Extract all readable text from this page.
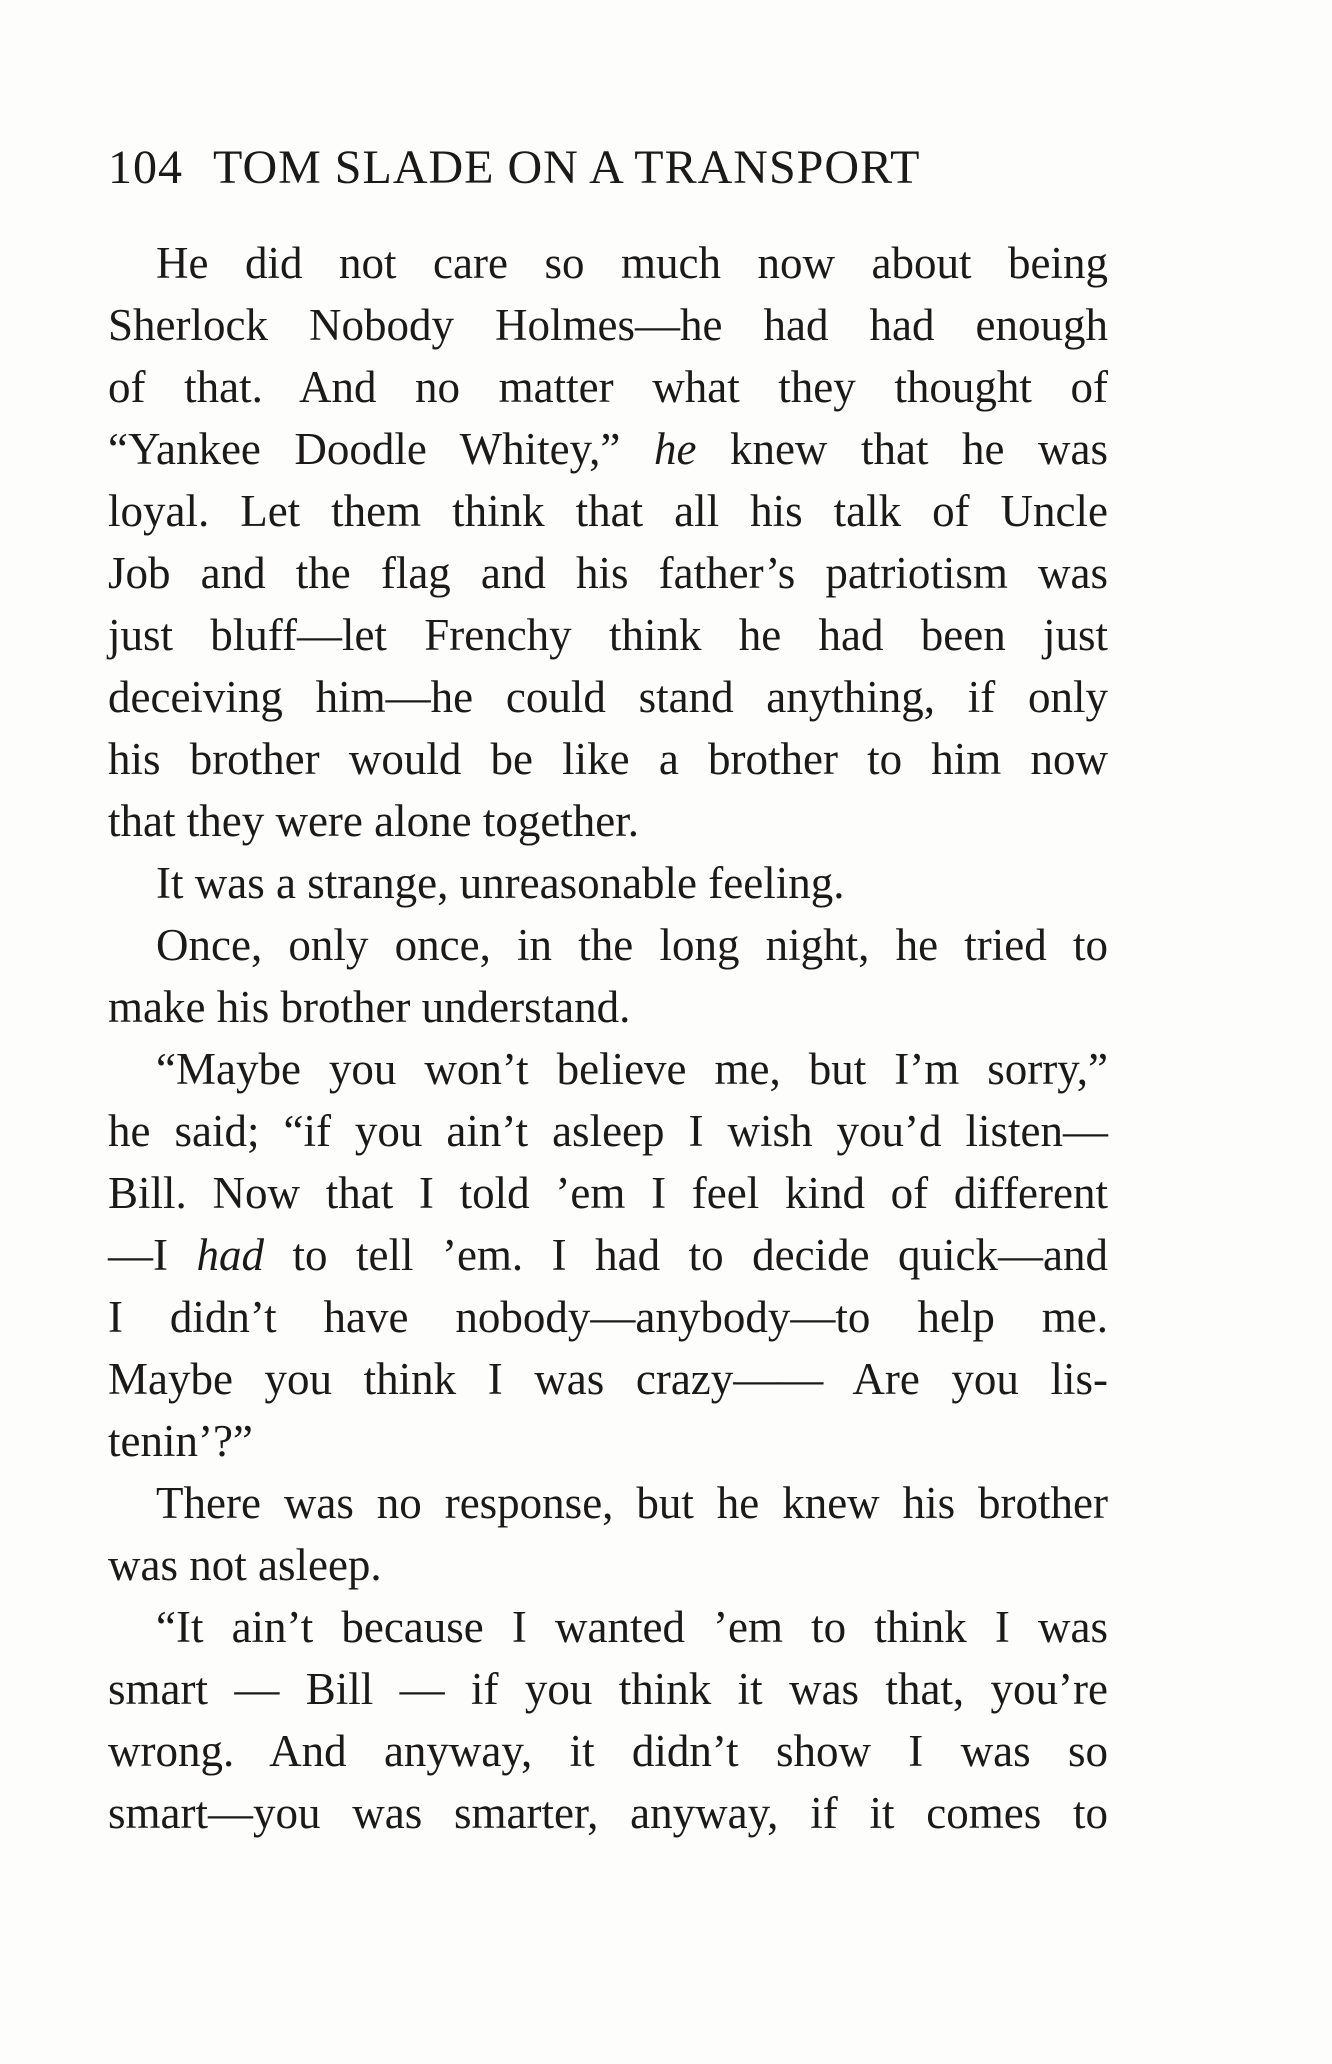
104 TOM SLADE ON A TRANSPORT
He did not care so much now about being
Sherlock Nobody Holmes—he had had enough
of that. And no matter what they thought of
“Yankee Doodle Whitey,” he knew that he was
loyal. Let them think that all his talk of Uncle
Job and the flag and his father’s patriotism was
just bluff—let Frenchy think he had been just
deceiving him—he could stand anything, if only
his brother would be like a brother to him now
that they were alone together.
It was a strange, unreasonable feeling.
Once, only once, in the long night, he tried to
make his brother understand.
“Maybe you won’t believe me, but I’m sorry,”
he said; “if you ain’t asleep I wish you’d listen—
Bill. Now that I told ’em I feel kind of different
—I had to tell ’em. I had to decide quick—and
I didn’t have nobody—anybody—to help me.
Maybe you think I was crazy—— Are you lis-
tenin’?”
There was no response, but he knew his brother
was not asleep.
“It ain’t because I wanted ’em to think I was
smart — Bill — if you think it was that, you’re
wrong. And anyway, it didn’t show I was so
smart—you was smarter, anyway, if it comes to
